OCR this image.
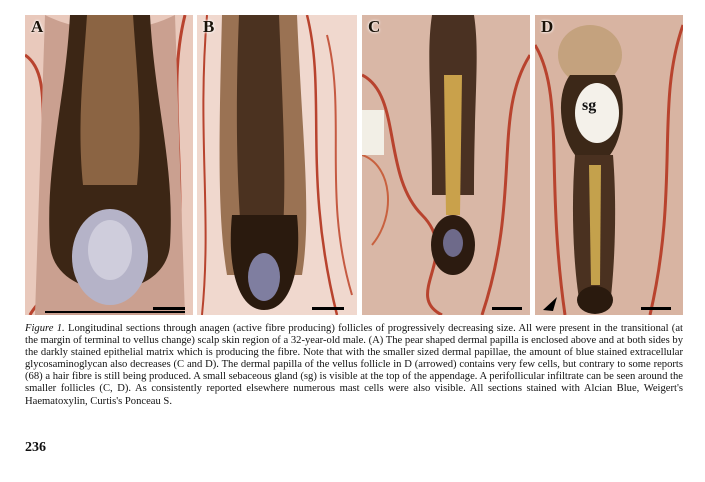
A	B	C	D
sg
Figure 1. Longitudinal sections through anagen (active fibre producing) follicles of progressively decreasing size. All were present in the transitional (at the margin of terminal to vellus change) scalp skin region of a 32-year-old male. (A) The pear shaped dermal papilla is enclosed above and at both sides by the darkly stained epithelial matrix which is producing the fibre. Note that with the smaller sized dermal papillae, the amount of blue stained extracellular glycosaminoglycan also decreases (C and D). The dermal papilla of the vellus follicle in D (arrowed) contains very few cells, but contrary to some reports (68) a hair fibre is still being produced. A small sebaceous gland (sg) is visible at the top of the appendage. A perifollicular infiltrate can be seen around the smaller follicles (C, D). As consistently reported elsewhere numerous mast cells were also visible. All sections stained with Alcian Blue, Weigert's Haematoxylin, Curtis's Ponceau S.
236
